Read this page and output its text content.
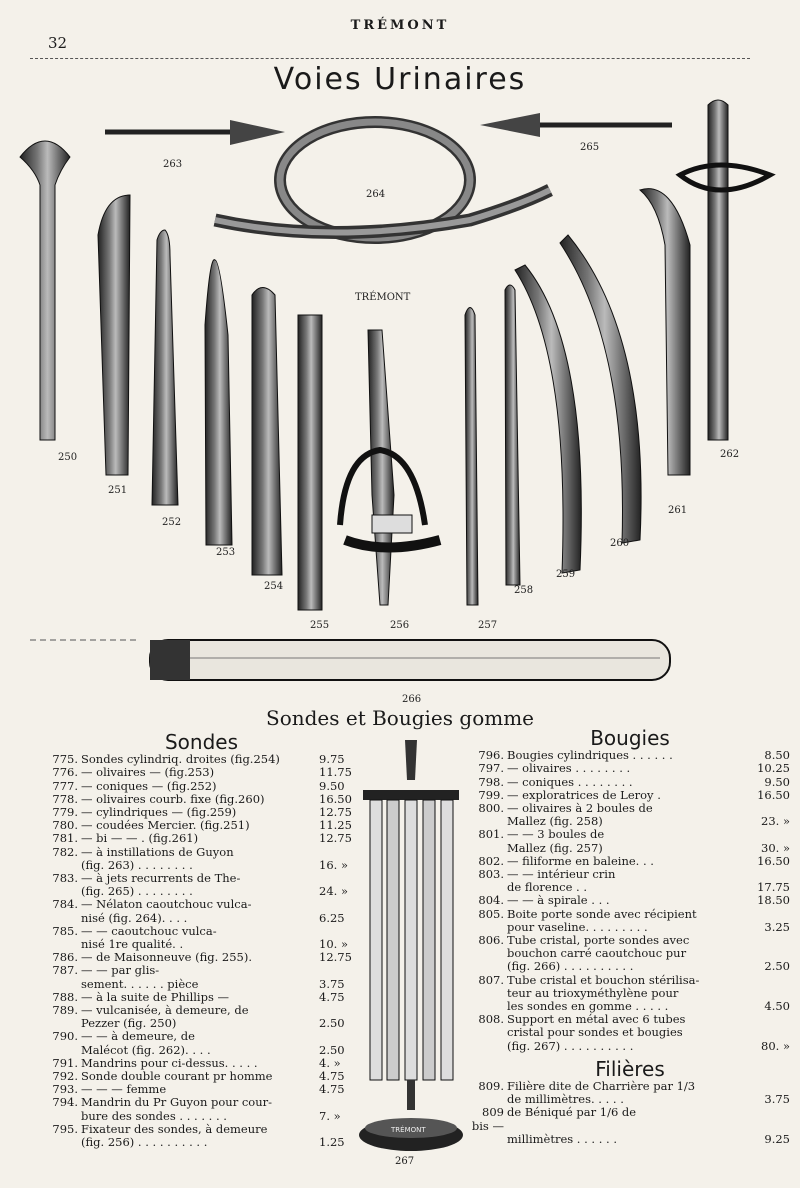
32
TRÉMONT
Voies Urinaires
263
264
265
250
251
252
253
254
255	256	257
258
259
260
261
262
266
TRÉMONT
Sondes et Bougies gomme
Sondes
775. Sondes cylindriq. droites (fig.254)	9.75
776. — olivaires — (fig.253)	11.75
777. — coniques — (fig.252)	9.50
778. — olivaires courb. fixe (fig.260)	16.50
779. — cylindriques — (fig.259)	12.75
780. — coudées Mercier. (fig.251)	11.25
781. — bi — — . (fig.261)	12.75
782. — à instillations de Guyon
(fig. 263) . . . . . . . .	16. »
783. — à jets recurrents de The-
(fig. 265) . . . . . . . .	24. »
784. — Nélaton caoutchouc vulca-
nisé (fig. 264). . . .	6.25
785. — — caoutchouc vulca-
nisé 1re qualité. .	10. »
786. — de Maisonneuve (fig. 255).	12.75
787. — — par glis-
sement. . . . . . pièce	3.75
788. — à la suite de Phillips —	4.75
789. — vulcanisée, à demeure, de
Pezzer (fig. 250)	2.50
790. — — à demeure, de
Malécot (fig. 262). . . .	2.50
791. Mandrins pour ci-dessus. . . . .	4. »
792. Sonde double courant pr homme	4.75
793. — — — femme	4.75
794. Mandrin du Pr Guyon pour cour-
bure des sondes . . . . . . .	7. »
795. Fixateur des sondes, à demeure
(fig. 256) . . . . . . . . . .	1.25
TRÉMONT
267
Bougies
796. Bougies cylindriques . . . . . .	8.50
797. — olivaires . . . . . . . .	10.25
798. — coniques . . . . . . . .	9.50
799. — exploratrices de Leroy .	16.50
800. — olivaires à 2 boules de
Mallez (fig. 258)	23. »
801. — — 3 boules de
Mallez (fig. 257)	30. »
802. — filiforme en baleine. . .	16.50
803. — — intérieur crin
de florence . .	17.75
804. — — à spirale . . .	18.50
805. Boite porte sonde avec récipient
pour vaseline. . . . . . . . .	3.25
806. Tube cristal, porte sondes avec
bouchon carré caoutchouc pur
(fig. 266) . . . . . . . . . .	2.50
807. Tube cristal et bouchon stérilisa-
teur au trioxyméthylène pour
les sondes en gomme . . . . .	4.50
808. Support en métal avec 6 tubes
cristal pour sondes et bougies
(fig. 267) . . . . . . . . . .	80. »
Filières
809. Filière dite de Charrière par 1/3
de millimètres. . . . .	3.75
809 bis —
de Béniqué par 1/6 de
millimètres . . . . . .	9.25
